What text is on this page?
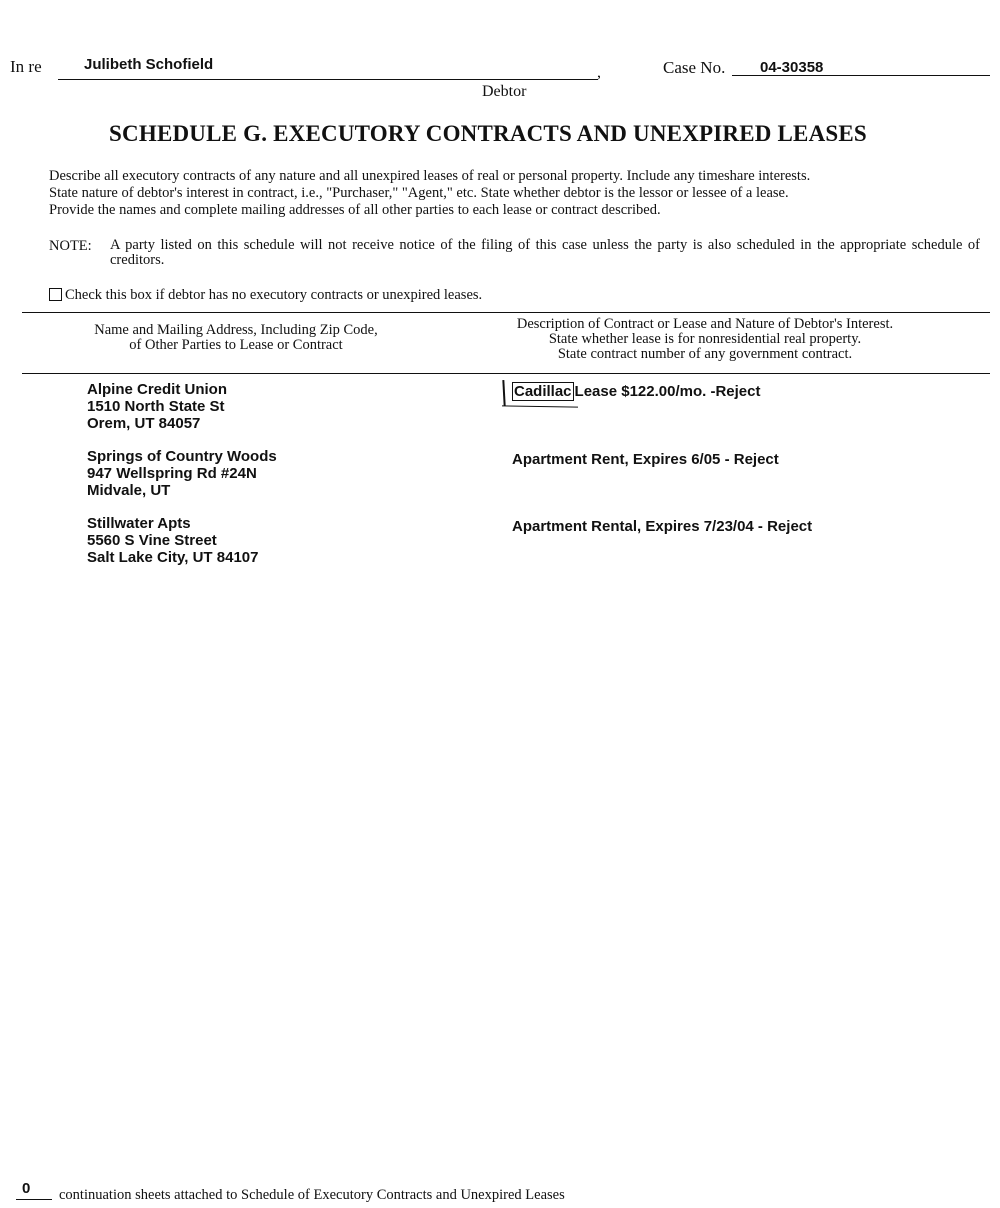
In re	Julibeth Schofield	,
Debtor
Case No. 04-30358
SCHEDULE G. EXECUTORY CONTRACTS AND UNEXPIRED LEASES
Describe all executory contracts of any nature and all unexpired leases of real or personal property. Include any timeshare interests.
State nature of debtor's interest in contract, i.e., "Purchaser," "Agent," etc. State whether debtor is the lessor or lessee of a lease.
Provide the names and complete mailing addresses of all other parties to each lease or contract described.
NOTE: A party listed on this schedule will not receive notice of the filing of this case unless the party is also scheduled in the appropriate schedule of creditors.
Check this box if debtor has no executory contracts or unexpired leases.
Name and Mailing Address, Including Zip Code,
of Other Parties to Lease or Contract
Description of Contract or Lease and Nature of Debtor's Interest.
State whether lease is for nonresidential real property.
State contract number of any government contract.
Alpine Credit Union
1510 North State St
Orem, UT 84057
Cadillac Lease $122.00/mo. -Reject
Springs of Country Woods
947 Wellspring Rd #24N
Midvale, UT
Apartment Rent, Expires 6/05 - Reject
Stillwater Apts
5560 S Vine Street
Salt Lake City, UT 84107
Apartment Rental, Expires 7/23/04 - Reject
0 continuation sheets attached to Schedule of Executory Contracts and Unexpired Leases
